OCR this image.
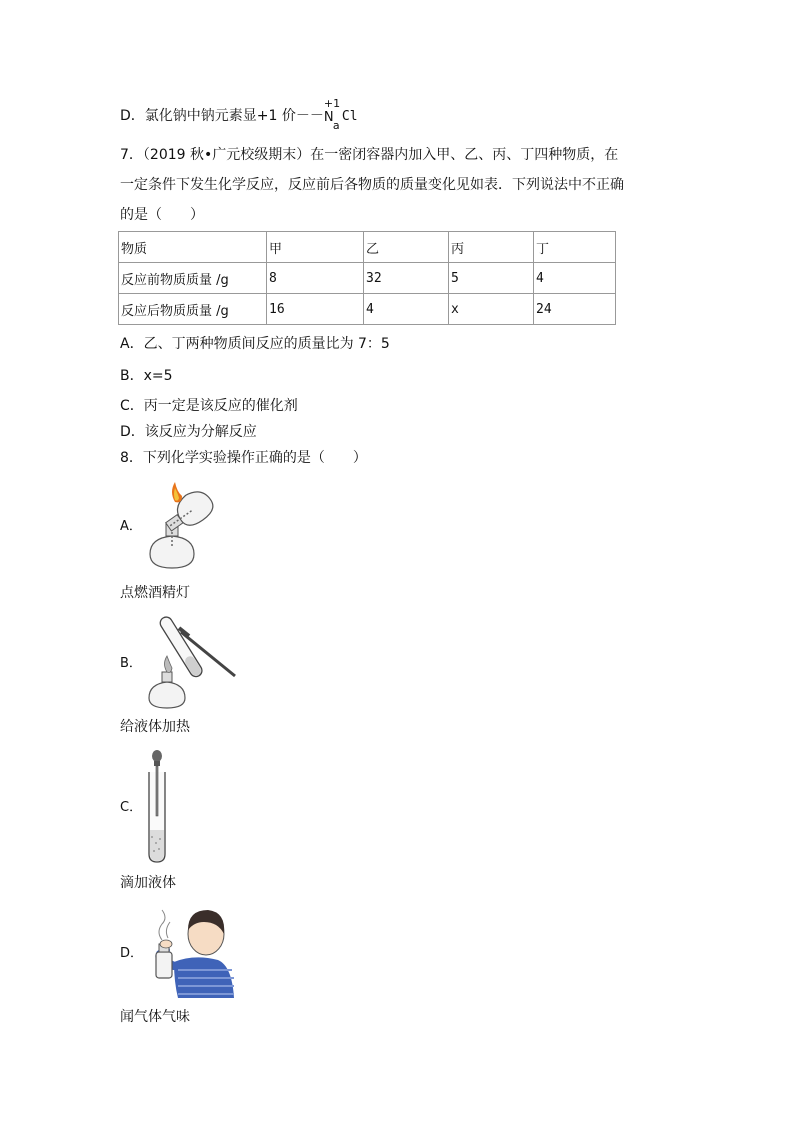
D．氯化钠中钠元素显+1 价－－
+1
N
a
Cl
7．（2019 秋•广元校级期末）在一密闭容器内加入甲、乙、丙、丁四种物质，在
一定条件下发生化学反应，反应前后各物质的质量变化见如表．下列说法中不正确
的是（　　）
物质	甲	乙	丙	丁
反应前物质质量 /g	8	32	5	4
反应后物质质量 /g	16	4	x	24
A．乙、丁两种物质间反应的质量比为 7：5
B．x=5
C．丙一定是该反应的催化剂
D．该反应为分解反应
8．下列化学实验操作正确的是（　　）
A．
点燃酒精灯
B．
给液体加热
C．
滴加液体
D．
闻气体气味
